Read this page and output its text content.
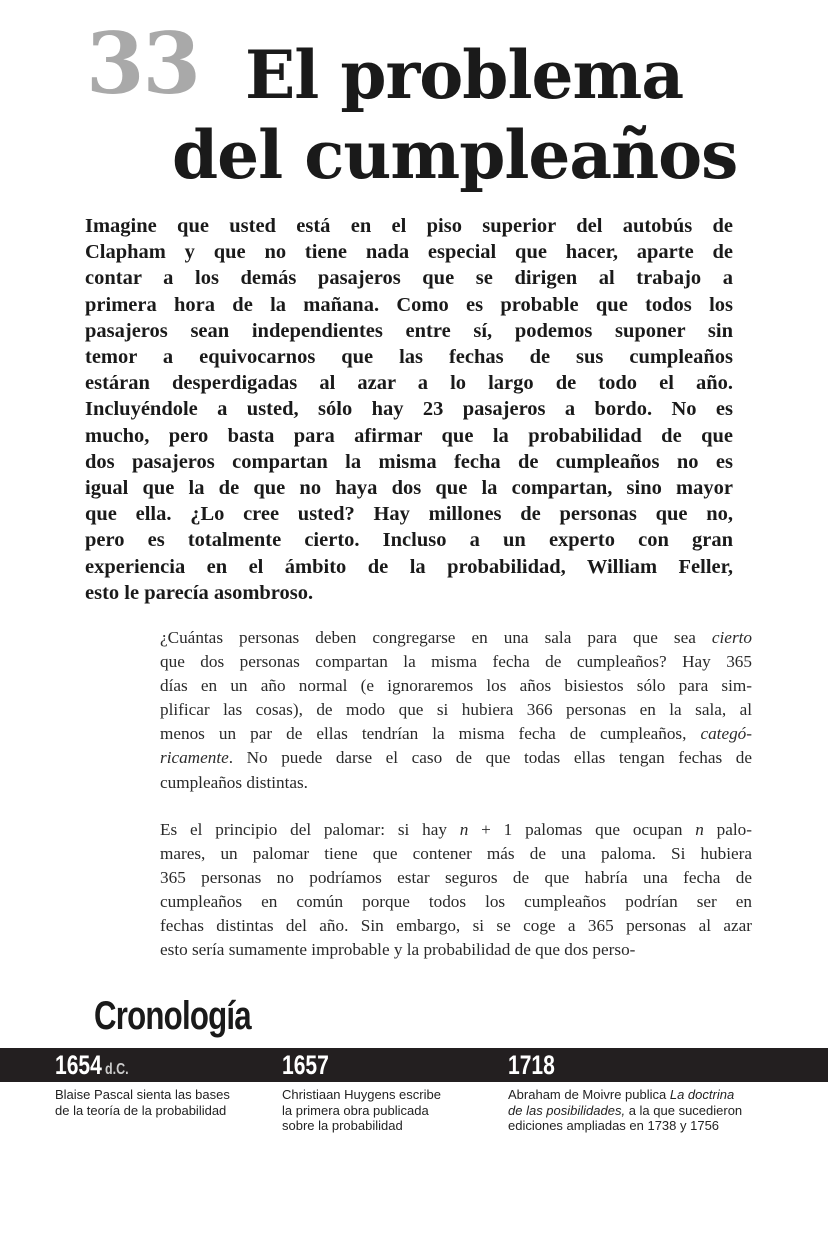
33 El problema
del cumpleaños
Imagine que usted está en el piso superior del autobús de
Clapham y que no tiene nada especial que hacer, aparte de
contar a los demás pasajeros que se dirigen al trabajo a
primera hora de la mañana. Como es probable que todos los
pasajeros sean independientes entre sí, podemos suponer sin
temor a equivocarnos que las fechas de sus cumpleaños
estáran desperdigadas al azar a lo largo de todo el año.
Incluyéndole a usted, sólo hay 23 pasajeros a bordo. No es
mucho, pero basta para afirmar que la probabilidad de que
dos pasajeros compartan la misma fecha de cumpleaños no es
igual que la de que no haya dos que la compartan, sino mayor
que ella. ¿Lo cree usted? Hay millones de personas que no,
pero es totalmente cierto. Incluso a un experto con gran
experiencia en el ámbito de la probabilidad, William Feller,
esto le parecía asombroso.
¿Cuántas personas deben congregarse en una sala para que sea cierto
que dos personas compartan la misma fecha de cumpleaños? Hay 365
días en un año normal (e ignoraremos los años bisiestos sólo para sim-
plificar las cosas), de modo que si hubiera 366 personas en la sala, al
menos un par de ellas tendrían la misma fecha de cumpleaños, categó-
ricamente. No puede darse el caso de que todas ellas tengan fechas de
cumpleaños distintas.
Es el principio del palomar: si hay n + 1 palomas que ocupan n palo-
mares, un palomar tiene que contener más de una paloma. Si hubiera
365 personas no podríamos estar seguros de que habría una fecha de
cumpleaños en común porque todos los cumpleaños podrían ser en
fechas distintas del año. Sin embargo, si se coge a 365 personas al azar
esto sería sumamente improbable y la probabilidad de que dos perso-
Cronología
1654 d.C.	1657	1718
Blaise Pascal sienta las bases
de la teoría de la probabilidad
Christiaan Huygens escribe
la primera obra publicada
sobre la probabilidad
Abraham de Moivre publica La doctrina
de las posibilidades, a la que sucedieron
ediciones ampliadas en 1738 y 1756
